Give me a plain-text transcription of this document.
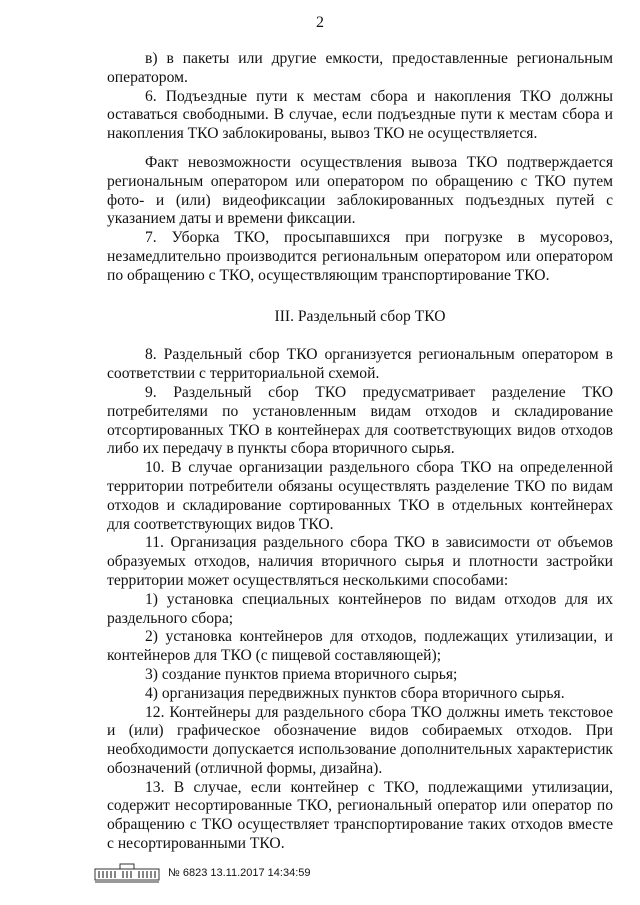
2

в) в пакеты или другие емкости, предоставленные региональным оператором.

6. Подъездные пути к местам сбора и накопления ТКО должны оставаться свободными. В случае, если подъездные пути к местам сбора и накопления ТКО заблокированы, вывоз ТКО не осуществляется.

Факт невозможности осуществления вывоза ТКО подтверждается региональным оператором или оператором по обращению с ТКО путем фото- и (или) видеофиксации заблокированных подъездных путей с указанием даты и времени фиксации.

7. Уборка ТКО, просыпавшихся при погрузке в мусоровоз, незамедлительно производится региональным оператором или оператором по обращению с ТКО, осуществляющим транспортирование ТКО.

III. Раздельный сбор ТКО

8. Раздельный сбор ТКО организуется региональным оператором в соответствии с территориальной схемой.

9. Раздельный сбор ТКО предусматривает разделение ТКО потребителями по установленным видам отходов и складирование отсортированных ТКО в контейнерах для соответствующих видов отходов либо их передачу в пункты сбора вторичного сырья.

10. В случае организации раздельного сбора ТКО на определенной территории потребители обязаны осуществлять разделение ТКО по видам отходов и складирование сортированных ТКО в отдельных контейнерах для соответствующих видов ТКО.

11. Организация раздельного сбора ТКО в зависимости от объемов образуемых отходов, наличия вторичного сырья и плотности застройки территории может осуществляться несколькими способами:

1) установка специальных контейнеров по видам отходов для их раздельного сбора;

2) установка контейнеров для отходов, подлежащих утилизации, и контейнеров для ТКО (с пищевой составляющей);

3) создание пунктов приема вторичного сырья;

4) организация передвижных пунктов сбора вторичного сырья.

12. Контейнеры для раздельного сбора ТКО должны иметь текстовое и (или) графическое обозначение видов собираемых отходов. При необходимости допускается использование дополнительных характеристик обозначений (отличной формы, дизайна).

13. В случае, если контейнер с ТКО, подлежащими утилизации, содержит несортированные ТКО, региональный оператор или оператор по обращению с ТКО осуществляет транспортирование таких отходов вместе с несортированными ТКО.

№ 6823 13.11.2017 14:34:59
